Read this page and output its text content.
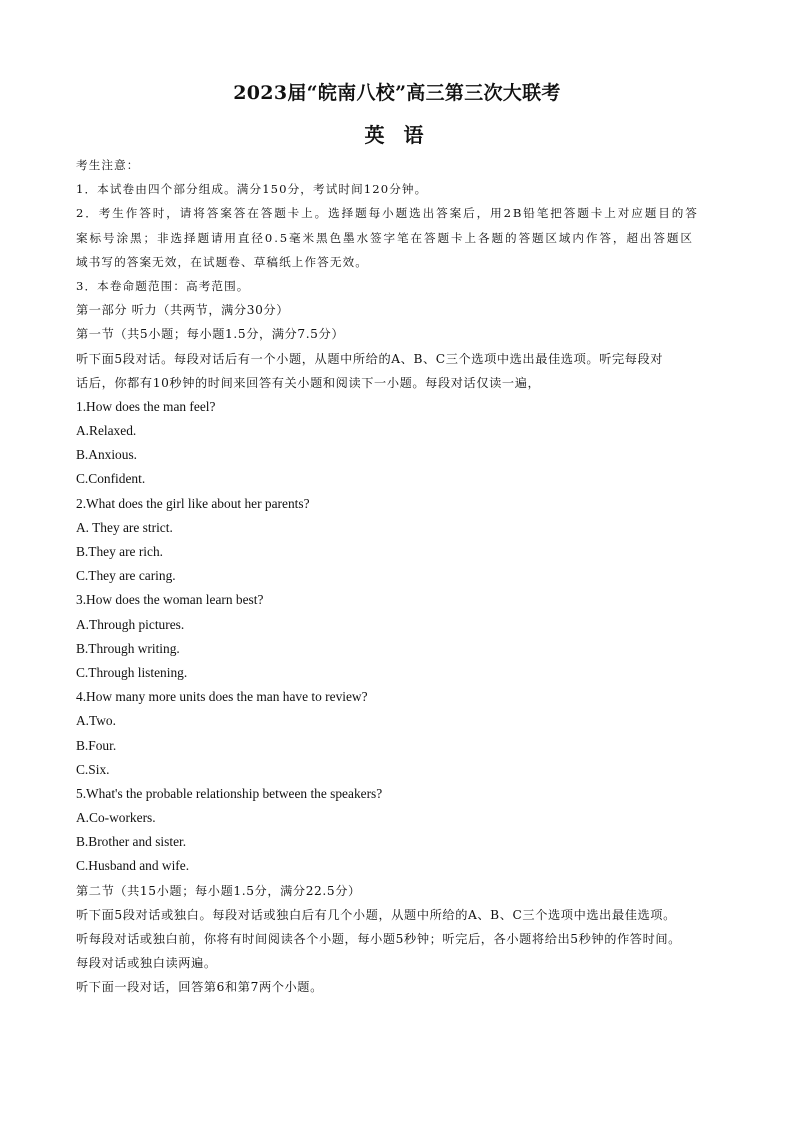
2023届“皖南八校”高三第三次大联考
英 语
考生注意：
1．本试卷由四个部分组成。满分150分，考试时间120分钟。
2．考生作答时，请将答案答在答题卡上。选择题每小题选出答案后，用2B铅笔把答题卡上对应题目的答
案标号涂黑；非选择题请用直径0.5毫米黑色墨水签字笔在答题卡上各题的答题区域内作答，超出答题区
域书写的答案无效，在试题卷、草稿纸上作答无效。
3．本卷命题范围：高考范围。
第一部分 听力（共两节，满分30分）
第一节（共5小题；每小题1.5分，满分7.5分）
听下面5段对话。每段对话后有一个小题，从题中所给的A、B、C三个选项中选出最佳选项。听完每段对
话后，你都有10秒钟的时间来回答有关小题和阅读下一小题。每段对话仅读一遍，
1.How does the man feel?
A.Relaxed.
B.Anxious.
C.Confident.
2.What does the girl like about her parents?
A. They are strict.
B.They are rich.
C.They are caring.
3.How does the woman learn best?
A.Through pictures.
B.Through writing.
C.Through listening.
4.How many more units does the man have to review?
A.Two.
B.Four.
C.Six.
5.What's the probable relationship between the speakers?
A.Co-workers.
B.Brother and sister.
C.Husband and wife.
第二节（共15小题；每小题1.5分，满分22.5分）
听下面5段对话或独白。每段对话或独白后有几个小题，从题中所给的A、B、C三个选项中选出最佳选项。
听每段对话或独白前，你将有时间阅读各个小题，每小题5秒钟；听完后，各小题将给出5秒钟的作答时间。
每段对话或独白读两遍。
听下面一段对话，回答第6和第7两个小题。
